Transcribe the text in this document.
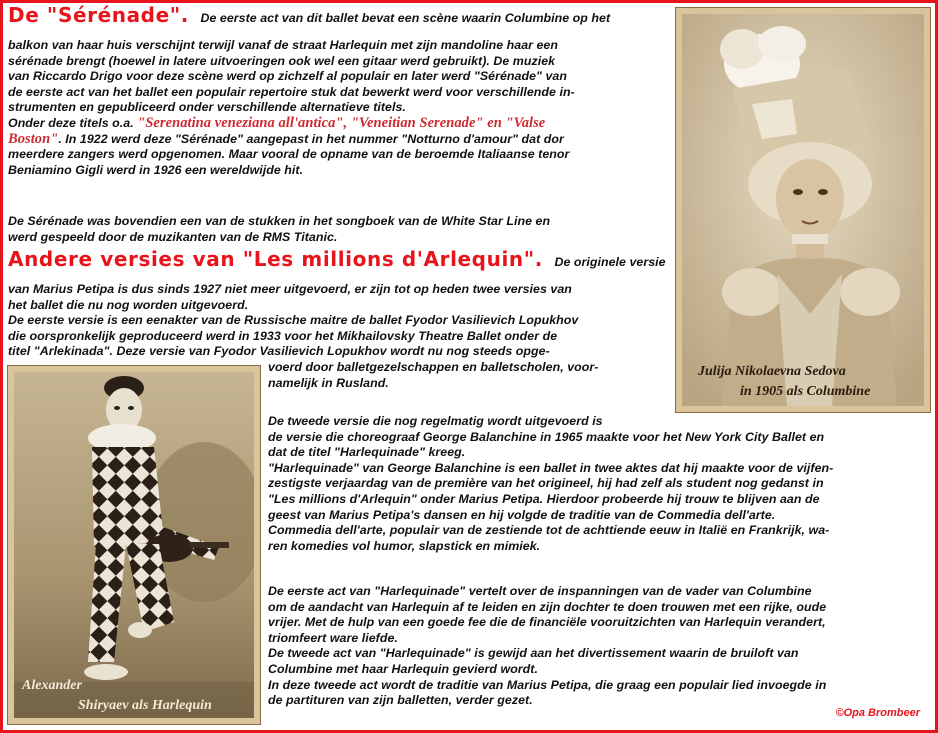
De "Sérénade". De eerste act van dit ballet bevat een scène waarin Columbine op het
balkon van haar huis verschijnt terwijl vanaf de straat Harlequin met zijn mandoline haar een
sérénade brengt (hoewel in latere uitvoeringen ook wel een gitaar werd gebruikt). De muziek
van Riccardo Drigo voor deze scène werd op zichzelf al populair en later werd "Sérénade" van
de eerste act van het ballet een populair repertoire stuk dat bewerkt werd voor verschillende in-
strumenten en gepubliceerd onder verschillende alternatieve titels.
Onder deze titels o.a. "Serenatina veneziana all'antica", "Veneitian Serenade" en "Valse
Boston". In 1922 werd deze "Sérénade" aangepast in het nummer "Notturno d'amour" dat dor
meerdere zangers werd opgenomen. Maar vooral de opname van de beroemde Italiaanse tenor
Beniamino Gigli werd in 1926 een wereldwijde hit.
De Sérénade was bovendien een van de stukken in het songboek van de White Star Line en
werd gespeeld door de muzikanten van de RMS Titanic.
Andere versies van "Les millions d'Arlequin". De originele versie
van Marius Petipa is dus sinds 1927 niet meer uitgevoerd, er zijn tot op heden twee versies van
het ballet die nu nog worden uitgevoerd.
De eerste versie is een eenakter van de Russische maitre de ballet Fyodor Vasilievich Lopukhov
die oorspronkelijk geproduceerd werd in 1933 voor het Mikhailovsky Theatre Ballet onder de
titel "Arlekinada". Deze versie van Fyodor Vasilievich Lopukhov wordt nu nog steeds opge-
voerd door balletgezelschappen en balletscholen, voor-
namelijk in Rusland.
De tweede versie die nog regelmatig wordt uitgevoerd is
de versie die choreograaf George Balanchine in 1965 maakte voor het New York City Ballet en
dat de titel "Harlequinade" kreeg.
"Harlequinade" van George Balanchine is een ballet in twee aktes dat hij maakte voor de vijfen-
zestigste verjaardag van de première van het origineel, hij had zelf als student nog gedanst in
"Les millions d'Arlequin" onder Marius Petipa. Hierdoor probeerde hij trouw te blijven aan de
geest van Marius Petipa's dansen en hij volgde de traditie van de Commedia dell'arte.
Commedia dell'arte, populair van de zestiende tot de achttiende eeuw in Italië en Frankrijk, wa-
ren komedies vol humor, slapstick en mimiek.
De eerste act van "Harlequinade" vertelt over de inspanningen van de vader van Columbine
om de aandacht van Harlequin af te leiden en zijn dochter te doen trouwen met een rijke, oude
vrijer. Met de hulp van een goede fee die de financiële vooruitzichten van Harlequin verandert,
triomfeert ware liefde.
De tweede act van "Harlequinade" is gewijd aan het divertissement waarin de bruiloft van
Columbine met haar Harlequin gevierd wordt.
In deze tweede act wordt de traditie van Marius Petipa, die graag een populair lied invoegde in
de partituren van zijn balletten, verder gezet.
Julija Nikolaevna Sedova
in 1905 als Columbine
Alexander
Shiryaev als Harlequin	©Opa Brombeer
